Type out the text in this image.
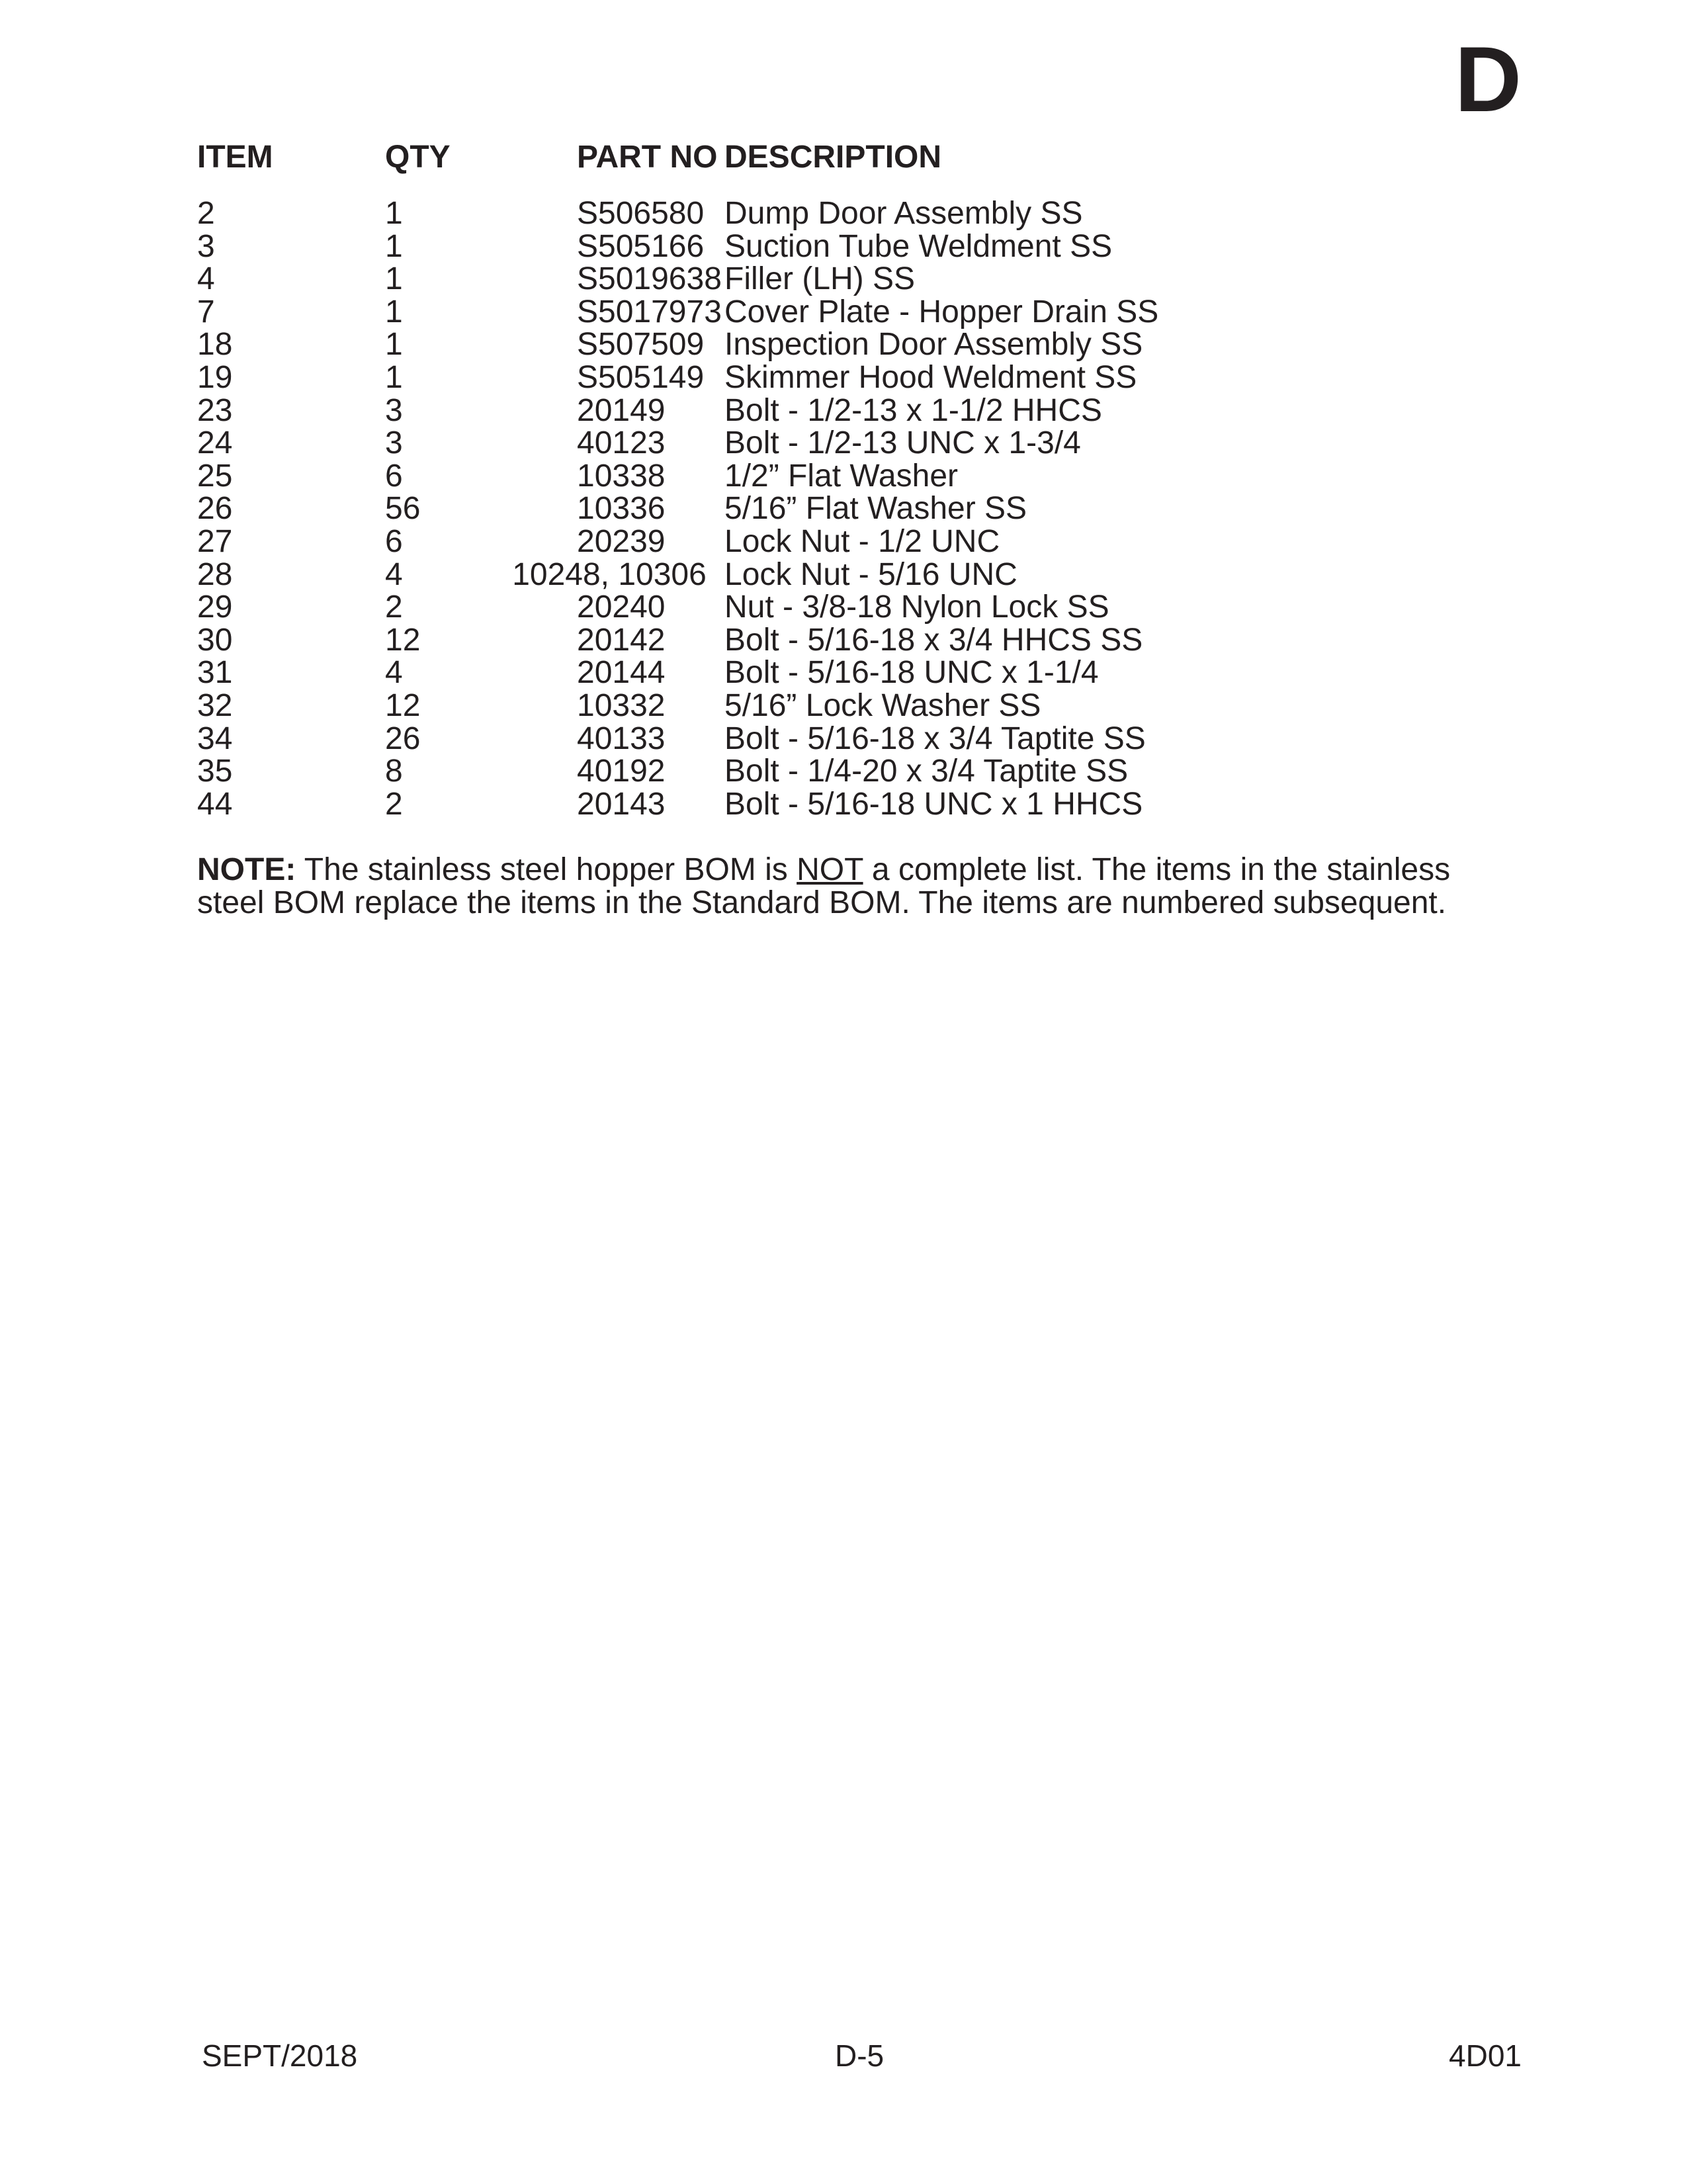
D
ITEM	QTY	PART NO	DESCRIPTION

2	1	S506580	Dump Door Assembly SS
3	1	S505166	Suction Tube Weldment SS
4	1	S5019638	Filler (LH) SS
7	1	S5017973	Cover Plate - Hopper Drain SS
18	1	S507509	Inspection Door Assembly SS
19	1	S505149	Skimmer Hood Weldment SS
23	3	20149	Bolt - 1/2-13 x 1-1/2 HHCS
24	3	40123	Bolt - 1/2-13 UNC x 1-3/4
25	6	10338	1/2” Flat Washer
26	56	10336	5/16” Flat Washer SS
27	6	20239	Lock Nut - 1/2 UNC
28	4	10248, 10306	Lock Nut - 5/16 UNC
29	2	20240	Nut - 3/8-18 Nylon Lock SS
30	12	20142	Bolt - 5/16-18 x 3/4 HHCS SS
31	4	20144	Bolt - 5/16-18 UNC x 1-1/4
32	12	10332	5/16” Lock Washer SS
34	26	40133	Bolt - 5/16-18 x 3/4 Taptite SS
35	8	40192	Bolt - 1/4-20 x 3/4 Taptite SS
44	2	20143	Bolt - 5/16-18 UNC x 1 HHCS
NOTE: The stainless steel hopper BOM is NOT a complete list. The items in the stainless steel BOM replace the items in the Standard BOM. The items are numbered subsequent.
SEPT/2018	D-5	4D01
